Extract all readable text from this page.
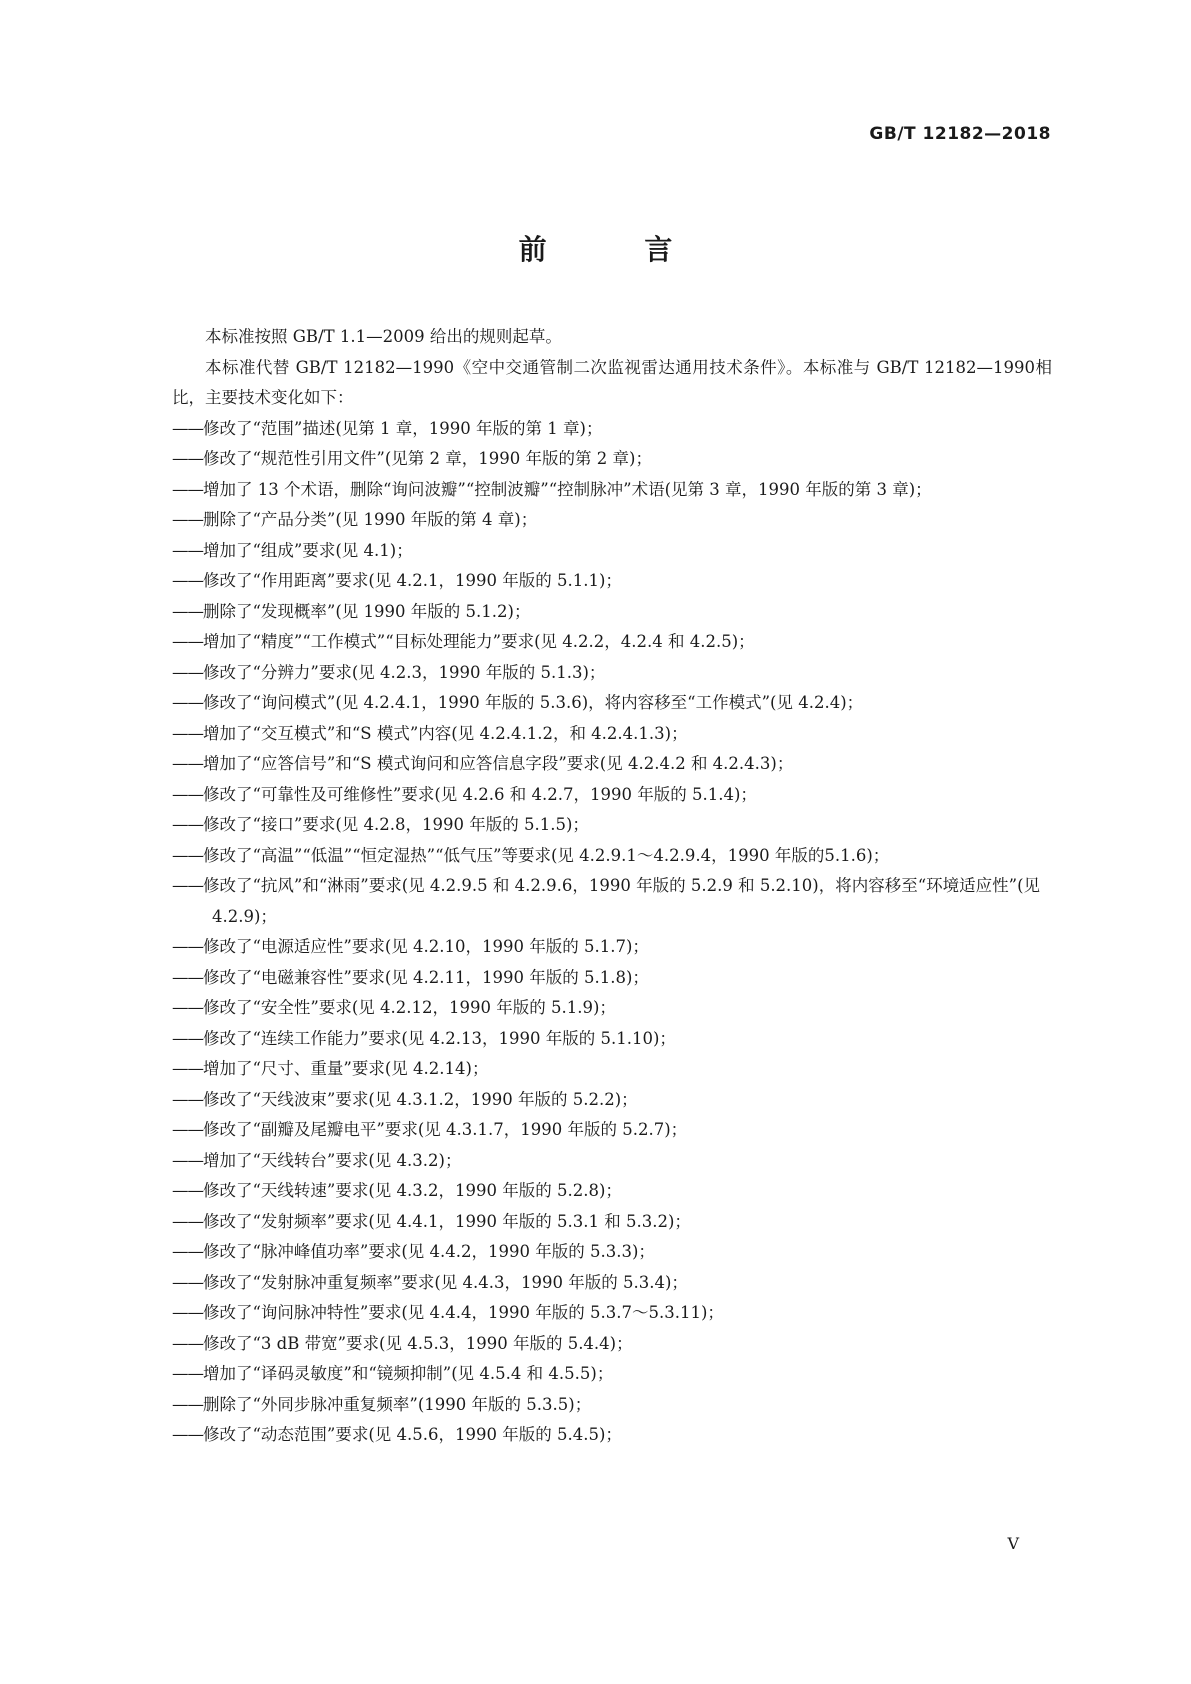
GB/T 12182—2018
前 言

本标准按照 GB/T 1.1—2009 给出的规则起草。

本标准代替 GB/T 12182—1990《空中交通管制二次监视雷达通用技术条件》。本标准与 GB/T 12182—1990相比，主要技术变化如下：

——修改了“范围”描述(见第 1 章，1990 年版的第 1 章)；
——修改了“规范性引用文件”(见第 2 章，1990 年版的第 2 章)；
——增加了 13 个术语，删除“询问波瓣”“控制波瓣”“控制脉冲”术语(见第 3 章，1990 年版的第 3 章)；
——删除了“产品分类”(见 1990 年版的第 4 章)；
——增加了“组成”要求(见 4.1)；
——修改了“作用距离”要求(见 4.2.1，1990 年版的 5.1.1)；
——删除了“发现概率”(见 1990 年版的 5.1.2)；
——增加了“精度”“工作模式”“目标处理能力”要求(见 4.2.2，4.2.4 和 4.2.5)；
——修改了“分辨力”要求(见 4.2.3，1990 年版的 5.1.3)；
——修改了“询问模式”(见 4.2.4.1，1990 年版的 5.3.6)，将内容移至“工作模式”(见 4.2.4)；
——增加了“交互模式”和“S 模式”内容(见 4.2.4.1.2，和 4.2.4.1.3)；
——增加了“应答信号”和“S 模式询问和应答信息字段”要求(见 4.2.4.2 和 4.2.4.3)；
——修改了“可靠性及可维修性”要求(见 4.2.6 和 4.2.7，1990 年版的 5.1.4)；
——修改了“接口”要求(见 4.2.8，1990 年版的 5.1.5)；
——修改了“高温”“低温”“恒定湿热”“低气压”等要求(见 4.2.9.1～4.2.9.4，1990 年版的5.1.6)；
——修改了“抗风”和“淋雨”要求(见 4.2.9.5 和 4.2.9.6，1990 年版的 5.2.9 和 5.2.10)，将内容移至“环境适应性”(见 4.2.9)；
——修改了“电源适应性”要求(见 4.2.10，1990 年版的 5.1.7)；
——修改了“电磁兼容性”要求(见 4.2.11，1990 年版的 5.1.8)；
——修改了“安全性”要求(见 4.2.12，1990 年版的 5.1.9)；
——修改了“连续工作能力”要求(见 4.2.13，1990 年版的 5.1.10)；
——增加了“尺寸、重量”要求(见 4.2.14)；
——修改了“天线波束”要求(见 4.3.1.2，1990 年版的 5.2.2)；
——修改了“副瓣及尾瓣电平”要求(见 4.3.1.7，1990 年版的 5.2.7)；
——增加了“天线转台”要求(见 4.3.2)；
——修改了“天线转速”要求(见 4.3.2，1990 年版的 5.2.8)；
——修改了“发射频率”要求(见 4.4.1，1990 年版的 5.3.1 和 5.3.2)；
——修改了“脉冲峰值功率”要求(见 4.4.2，1990 年版的 5.3.3)；
——修改了“发射脉冲重复频率”要求(见 4.4.3，1990 年版的 5.3.4)；
——修改了“询问脉冲特性”要求(见 4.4.4，1990 年版的 5.3.7～5.3.11)；
——修改了“3 dB 带宽”要求(见 4.5.3，1990 年版的 5.4.4)；
——增加了“译码灵敏度”和“镜频抑制”(见 4.5.4 和 4.5.5)；
——删除了“外同步脉冲重复频率”(1990 年版的 5.3.5)；
——修改了“动态范围”要求(见 4.5.6，1990 年版的 5.4.5)；
V
